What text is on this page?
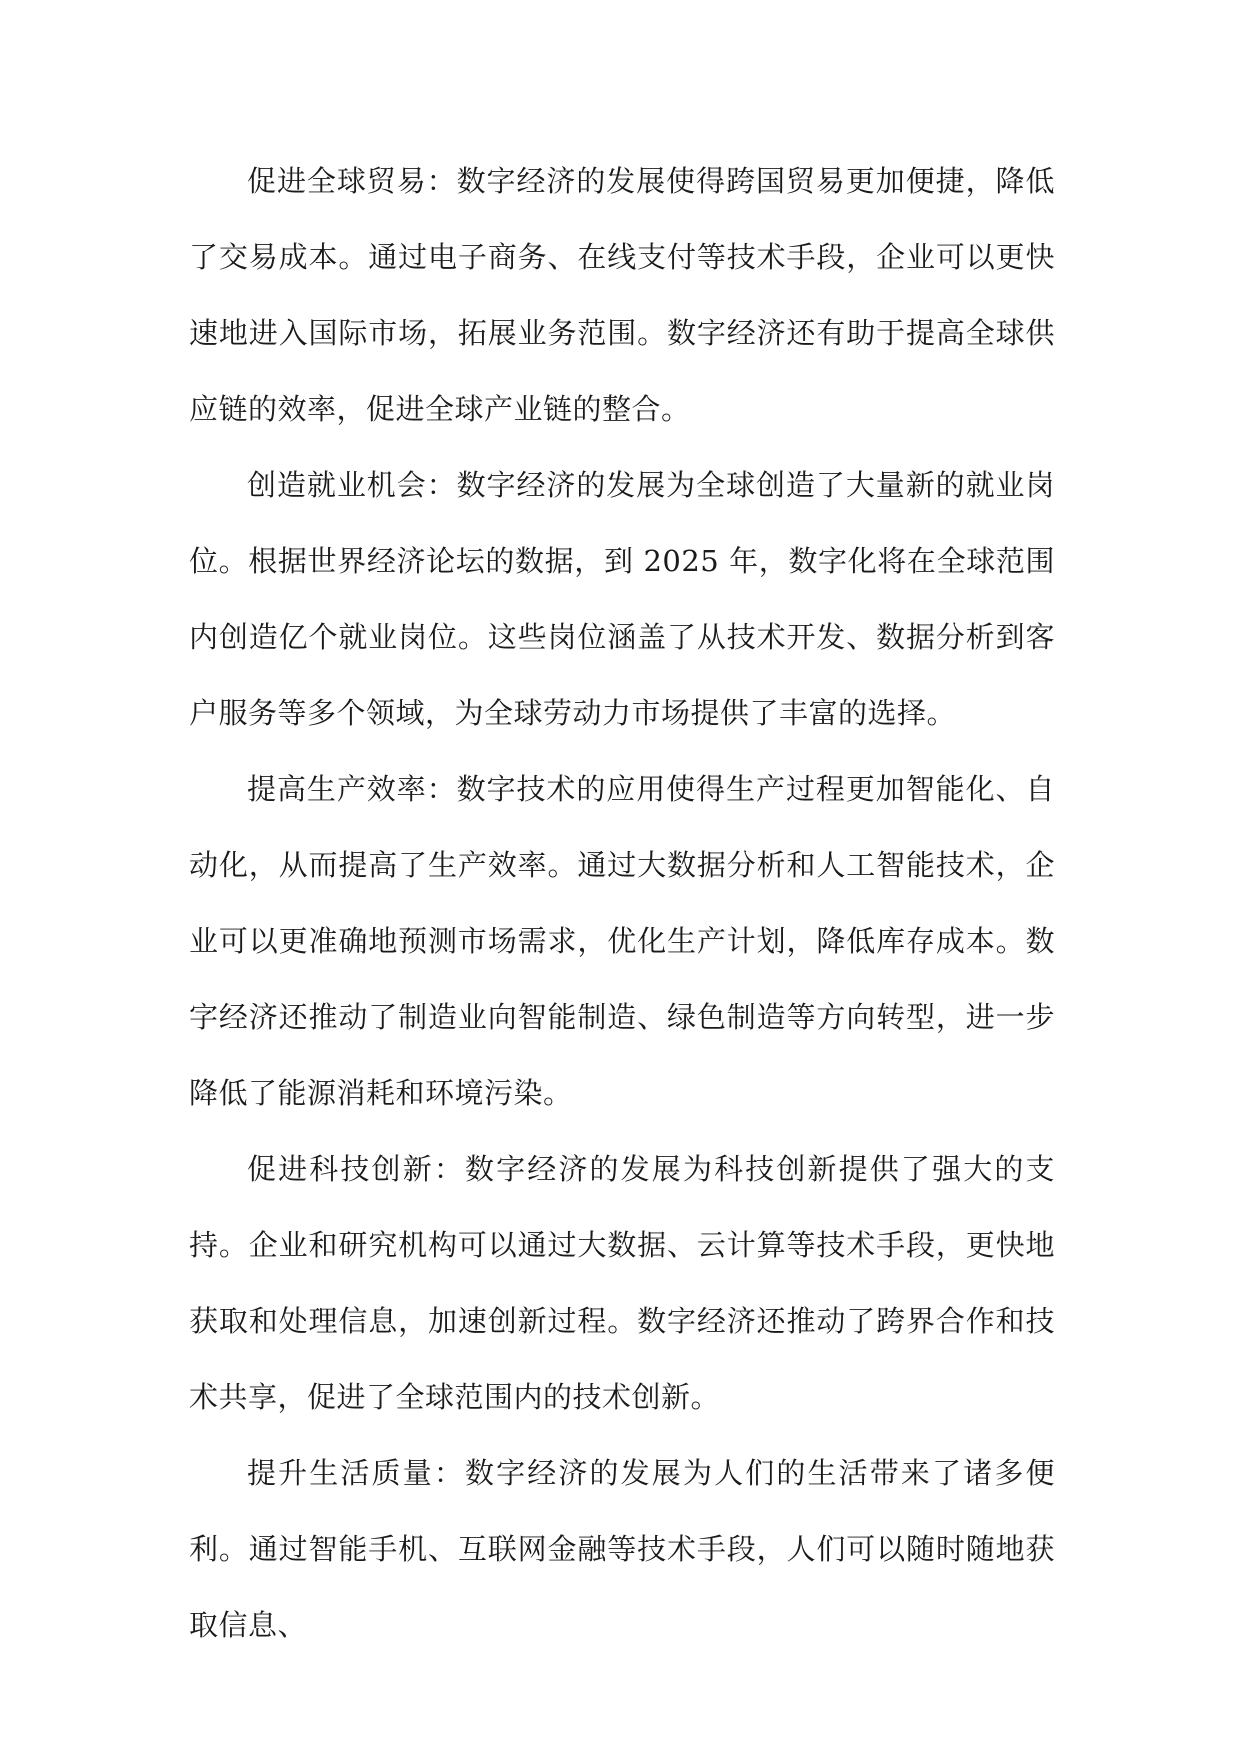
促进全球贸易：数字经济的发展使得跨国贸易更加便捷，降低了交易成本。通过电子商务、在线支付等技术手段，企业可以更快速地进入国际市场，拓展业务范围。数字经济还有助于提高全球供应链的效率，促进全球产业链的整合。

创造就业机会：数字经济的发展为全球创造了大量新的就业岗位。根据世界经济论坛的数据，到 2025 年，数字化将在全球范围内创造亿个就业岗位。这些岗位涵盖了从技术开发、数据分析到客户服务等多个领域，为全球劳动力市场提供了丰富的选择。

提高生产效率：数字技术的应用使得生产过程更加智能化、自动化，从而提高了生产效率。通过大数据分析和人工智能技术，企业可以更准确地预测市场需求，优化生产计划，降低库存成本。数字经济还推动了制造业向智能制造、绿色制造等方向转型，进一步降低了能源消耗和环境污染。

促进科技创新：数字经济的发展为科技创新提供了强大的支持。企业和研究机构可以通过大数据、云计算等技术手段，更快地获取和处理信息，加速创新过程。数字经济还推动了跨界合作和技术共享，促进了全球范围内的技术创新。

提升生活质量：数字经济的发展为人们的生活带来了诸多便利。通过智能手机、互联网金融等技术手段，人们可以随时随地获取信息、
